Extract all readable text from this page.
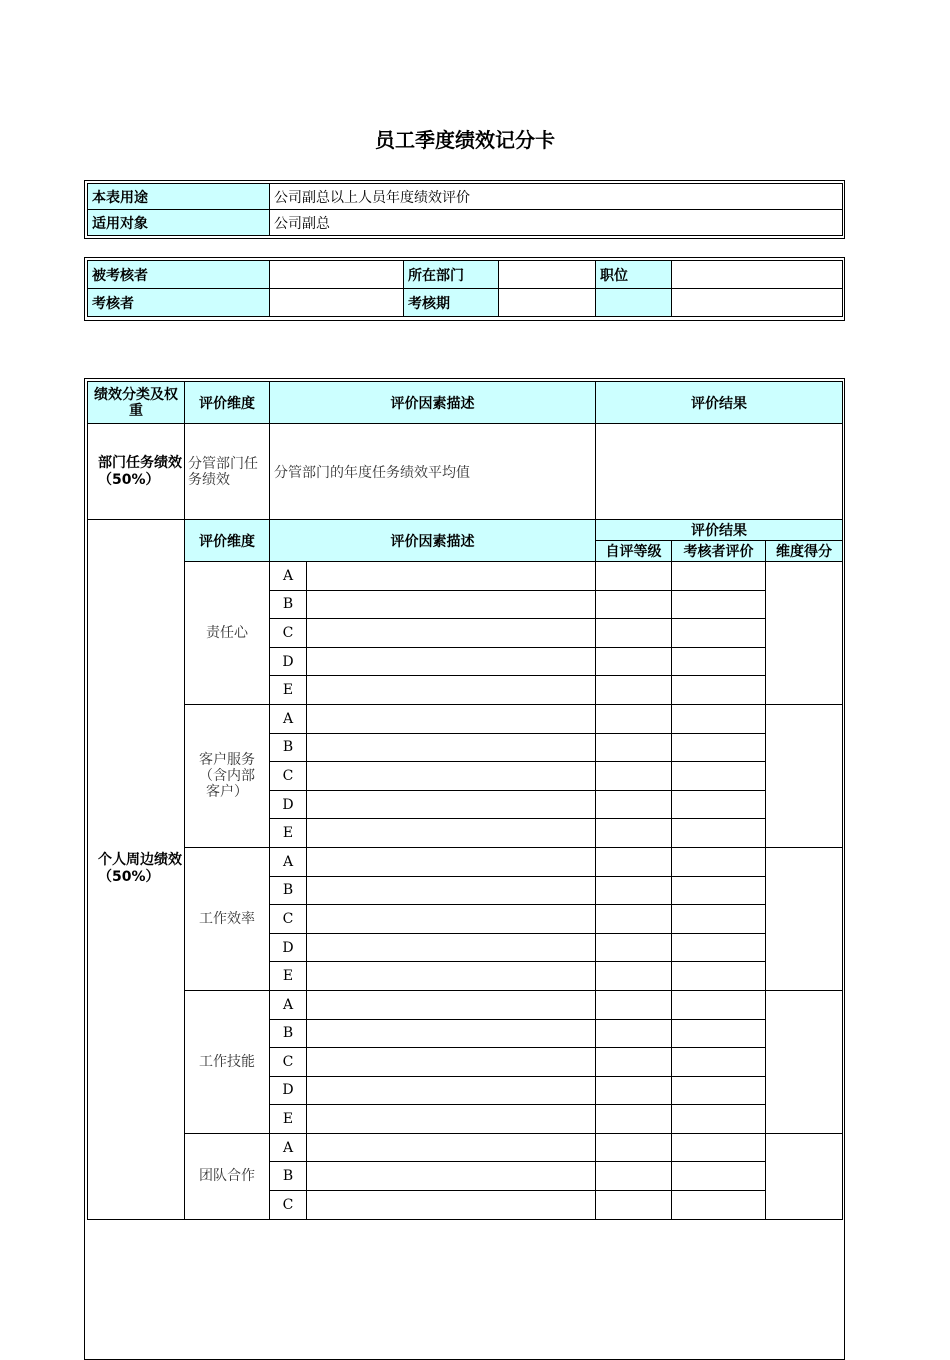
员工季度绩效记分卡
本表用途	公司副总以上人员年度绩效评价
适用对象	公司副总
被考核者		所在部门		职位	
考核者		考核期			
绩效分类及权重	评价维度	评价因素描述		评价结果		
部门任务绩效（50%）	分管部门任务绩效	分管部门的年度任务绩效平均值				
个人周边绩效（50%）	评价维度	评价因素描述		评价结果		
				自评等级	考核者评价	维度得分
	责任心	A				
		B				
		C				
		D				
		E				
	客户服务（含内部客户）	A				
		B				
		C				
		D				
		E				
	工作效率	A				
		B				
		C				
		D				
		E				
	工作技能	A				
		B				
		C				
		D				
		E				
	团队合作	A				
		B				
		C				
